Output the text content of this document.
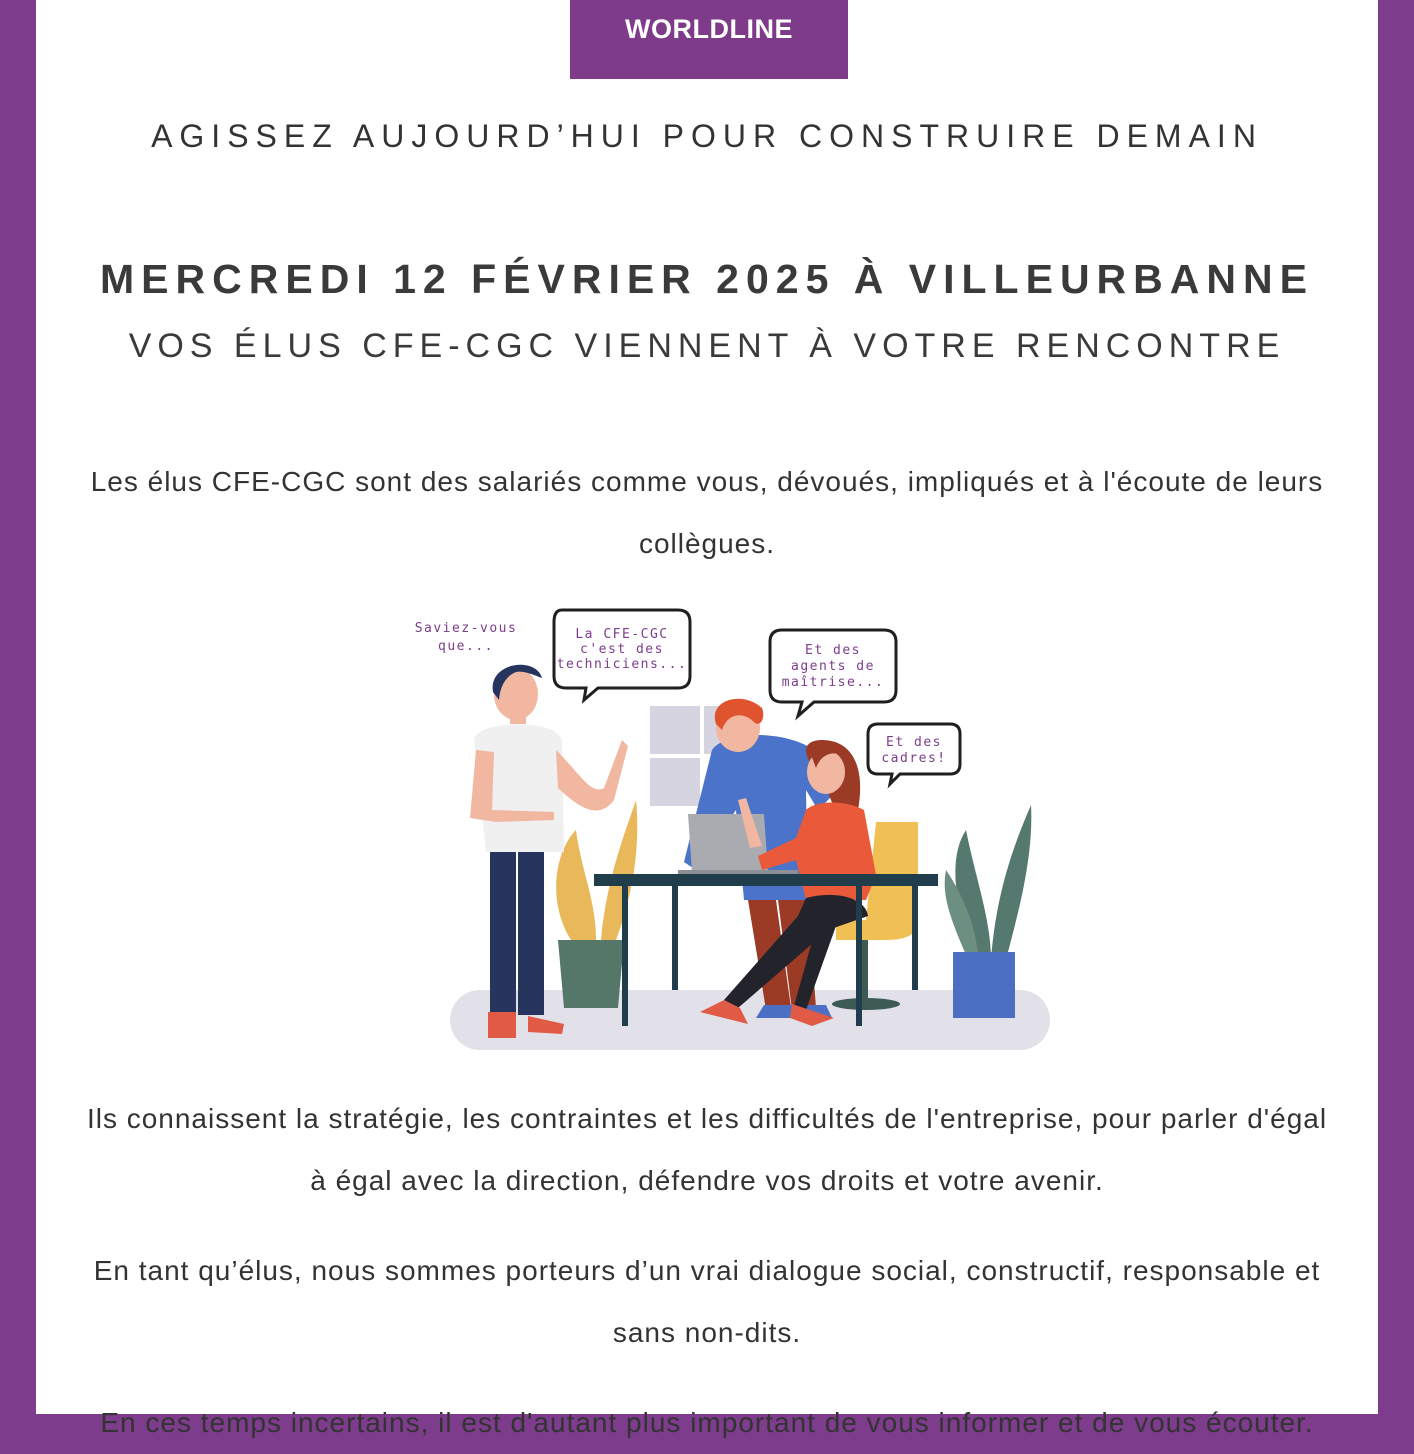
WORLDLINE
AGISSEZ AUJOURD’HUI POUR CONSTRUIRE DEMAIN
MERCREDI 12 FÉVRIER 2025 À VILLEURBANNE
VOS ÉLUS CFE-CGC VIENNENT À VOTRE RENCONTRE
Les élus CFE-CGC sont des salariés comme vous, dévoués, impliqués et à l'écoute de leurs collègues.
Saviez-vous
que...
La CFE-CGC
c'est des
techniciens...
Et des
agents de
maîtrise...
Et des
cadres!
Ils connaissent la stratégie, les contraintes et les difficultés de l'entreprise, pour parler d'égal à égal avec la direction, défendre vos droits et votre avenir.
En tant qu’élus, nous sommes porteurs d’un vrai dialogue social, constructif, responsable et sans non-dits.
En ces temps incertains, il est d'autant plus important de vous informer et de vous écouter.
